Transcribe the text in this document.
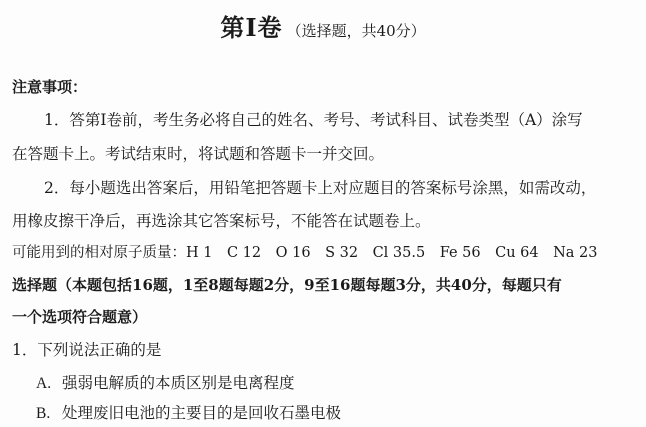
第Ⅰ卷 （选择题，共40分）
注意事项：
1．答第Ⅰ卷前，考生务必将自己的姓名、考号、考试科目、试卷类型（A）涂写
在答题卡上。考试结束时，将试题和答题卡一并交回。
2．每小题选出答案后，用铅笔把答题卡上对应题目的答案标号涂黑，如需改动，
用橡皮擦干净后，再选涂其它答案标号，不能答在试题卷上。
可能用到的相对原子质量：H 1　C 12　O 16　S 32　Cl 35.5　Fe 56　Cu 64　Na 23
选择题（本题包括16题，1至8题每题2分，9至16题每题3分，共40分，每题只有
一个选项符合题意）
1．下列说法正确的是
A. 强弱电解质的本质区别是电离程度
B. 处理废旧电池的主要目的是回收石墨电极
